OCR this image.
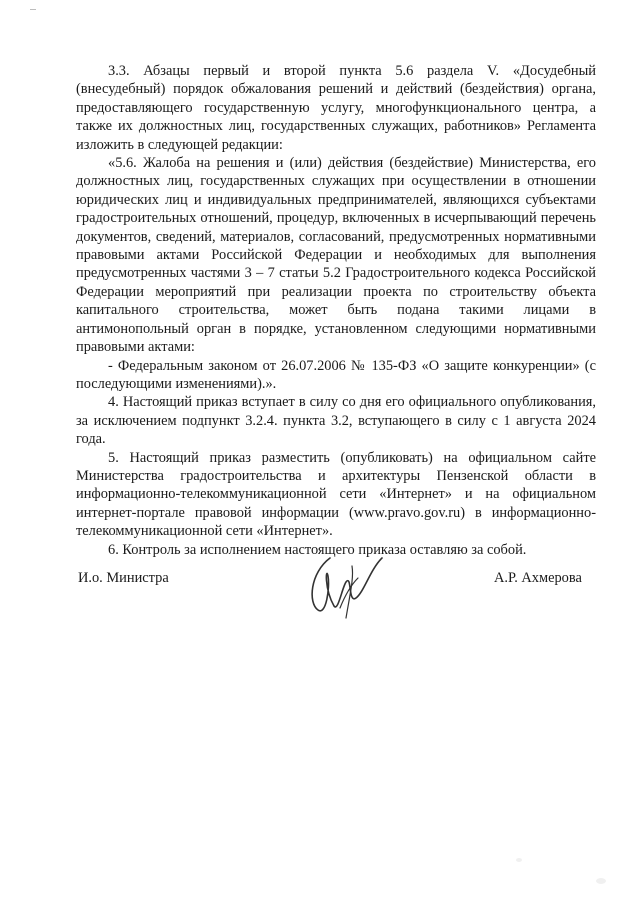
3.3. Абзацы первый и второй пункта 5.6 раздела V. «Досудебный (внесудебный) порядок обжалования решений и действий (бездействия) органа, предоставляющего государственную услугу, многофункционального центра, а также их должностных лиц, государственных служащих, работников» Регламента изложить в следующей редакции:

«5.6. Жалоба на решения и (или) действия (бездействие) Министерства, его должностных лиц, государственных служащих при осуществлении в отношении юридических лиц и индивидуальных предпринимателей, являющихся субъектами градостроительных отношений, процедур, включенных в исчерпывающий перечень документов, сведений, материалов, согласований, предусмотренных нормативными правовыми актами Российской Федерации и необходимых для выполнения предусмотренных частями 3 – 7 статьи 5.2 Градостроительного кодекса Российской Федерации мероприятий при реализации проекта по строительству объекта капитального строительства, может быть подана такими лицами в антимонопольный орган в порядке, установленном следующими нормативными правовыми актами:

- Федеральным законом от 26.07.2006 № 135-ФЗ «О защите конкуренции» (с последующими изменениями).».

4. Настоящий приказ вступает в силу со дня его официального опубликования, за исключением подпункт 3.2.4. пункта 3.2, вступающего в силу с 1 августа 2024 года.

5. Настоящий приказ разместить (опубликовать) на официальном сайте Министерства градостроительства и архитектуры Пензенской области в информационно-телекоммуникационной сети «Интернет» и на официальном интернет-портале правовой информации (www.pravo.gov.ru) в информационно-телекоммуникационной сети «Интернет».

6. Контроль за исполнением настоящего приказа оставляю за собой.

И.о. Министра	А.Р. Ахмерова
